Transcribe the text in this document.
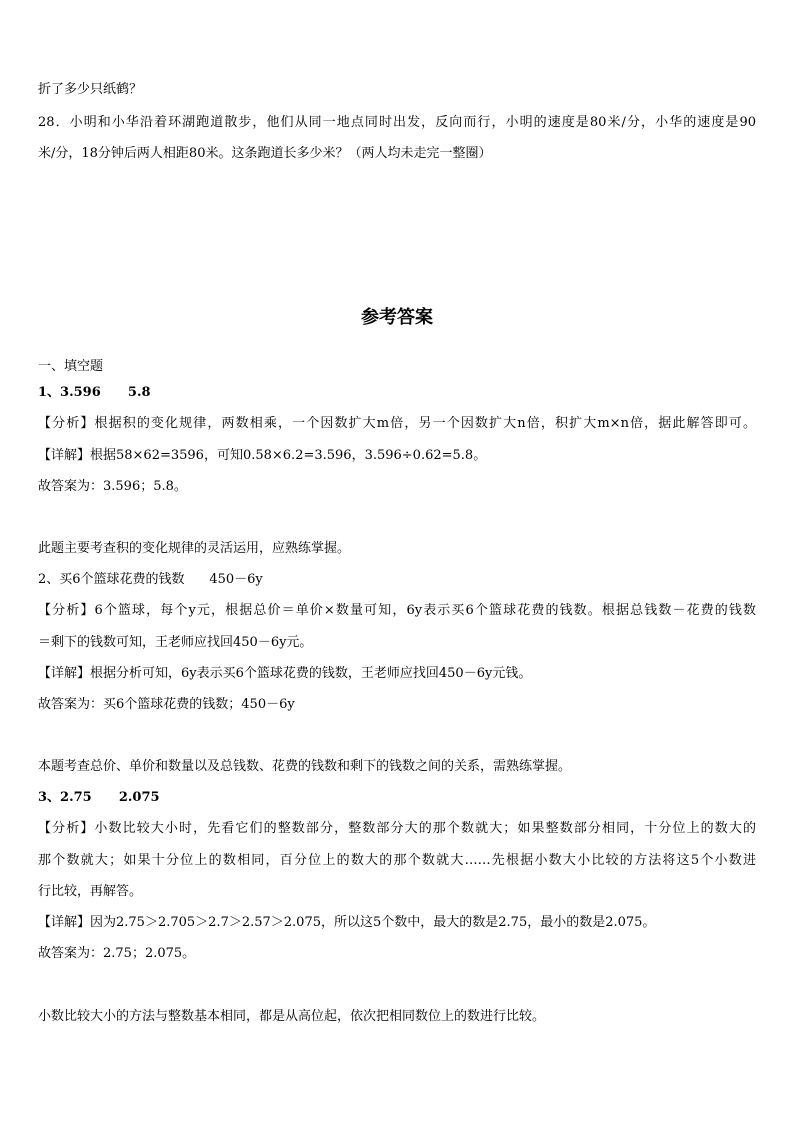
折了多少只纸鹤？
28．小明和小华沿着环湖跑道散步，他们从同一地点同时出发，反向而行，小明的速度是80米/分，小华的速度是90
米/分，18分钟后两人相距80米。这条跑道长多少米？（两人均未走完一整圈）
参考答案
一、填空题
1、3.596      5.8
【分析】根据积的变化规律，两数相乘，一个因数扩大m倍，另一个因数扩大n倍，积扩大m×n倍，据此解答即可。
【详解】根据58×62=3596，可知0.58×6.2=3.596，3.596÷0.62=5.8。
故答案为：3.596；5.8。
此题主要考查积的变化规律的灵活运用，应熟练掌握。
2、买6个篮球花费的钱数      450－6y
【分析】6个篮球，每个y元，根据总价＝单价×数量可知，6y表示买6个篮球花费的钱数。根据总钱数－花费的钱数
＝剩下的钱数可知，王老师应找回450－6y元。
【详解】根据分析可知，6y表示买6个篮球花费的钱数，王老师应找回450－6y元钱。
故答案为：买6个篮球花费的钱数；450－6y
本题考查总价、单价和数量以及总钱数、花费的钱数和剩下的钱数之间的关系，需熟练掌握。
3、2.75      2.075
【分析】小数比较大小时，先看它们的整数部分，整数部分大的那个数就大；如果整数部分相同，十分位上的数大的
那个数就大；如果十分位上的数相同，百分位上的数大的那个数就大……先根据小数大小比较的方法将这5个小数进
行比较，再解答。
【详解】因为2.75＞2.705＞2.7＞2.57＞2.075，所以这5个数中，最大的数是2.75，最小的数是2.075。
故答案为：2.75；2.075。
小数比较大小的方法与整数基本相同，都是从高位起，依次把相同数位上的数进行比较。
